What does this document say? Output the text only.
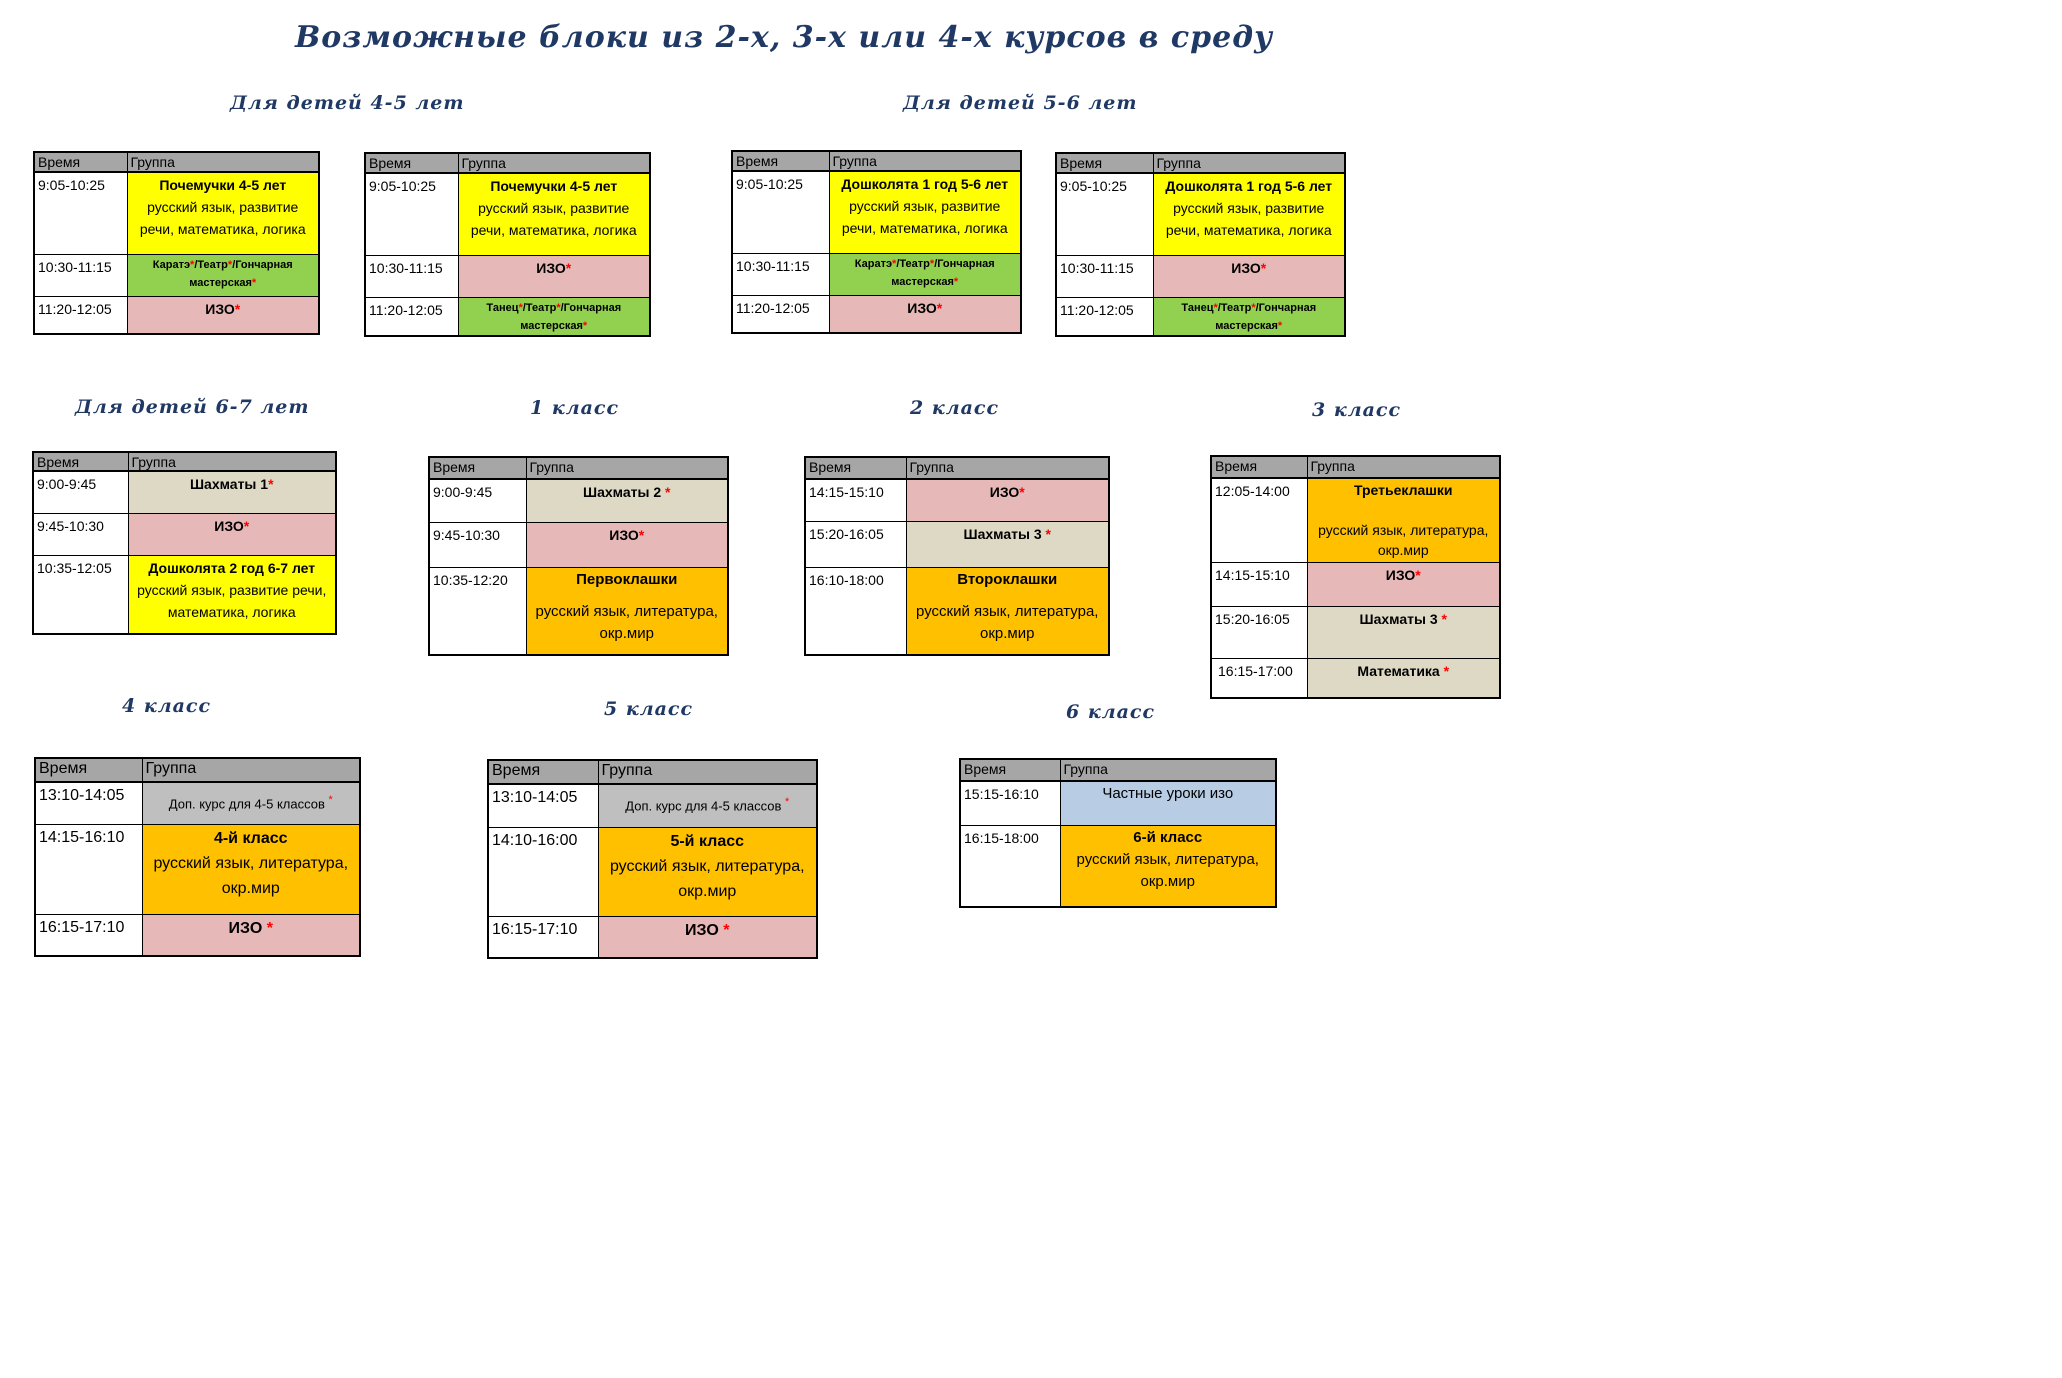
Возможные блоки из 2-х, 3-х или 4-х курсов в среду
Для детей 4-5 лет	Для детей 5-6 лет
Для детей 6-7 лет	1 класс	2 класс	3 класс
4 класс	5 класс	6 класс
Время	Группа
9:05-10:25	Почемучки 4-5 лет
русский язык, развитие речи, математика, логика

10:30-11:15	Каратэ*/Театр*/Гончарная мастерская*

11:20-12:05	ИЗО*
Время	Группа
9:05-10:25	Почемучки 4-5 лет
русский язык, развитие речи, математика, логика

10:30-11:15	ИЗО*

11:20-12:05	Танец*/Театр*/Гончарная мастерская*
Время	Группа
9:05-10:25	Дошколята 1 год 5-6 лет
русский язык, развитие речи, математика, логика

10:30-11:15	Каратэ*/Театр*/Гончарная мастерская*

11:20-12:05	ИЗО*
Время	Группа
9:05-10:25	Дошколята 1 год 5-6 лет
русский язык, развитие речи, математика, логика

10:30-11:15	ИЗО*

11:20-12:05	Танец*/Театр*/Гончарная мастерская*
Время	Группа
9:00-9:45	Шахматы 1*

9:45-10:30	ИЗО*

10:35-12:05	Дошколята 2 год 6-7 лет
русский язык, развитие речи, математика, логика
Время	Группа
9:00-9:45	Шахматы 2 *

9:45-10:30	ИЗО*

10:35-12:20	Первоклашки
русский язык, литература, окр.мир
Время	Группа
14:15-15:10	ИЗО*

15:20-16:05	Шахматы 3 *

16:10-18:00	Второклашки
русский язык, литература, окр.мир
Время	Группа
12:05-14:00	Третьеклашки
русский язык, литература, окр.мир

14:15-15:10	ИЗО*

15:20-16:05	Шахматы 3 *

16:15-17:00	Математика *
Время	Группа
13:10-14:05	Доп. курс для 4-5 классов *

14:15-16:10	4-й класс
русский язык, литература, окр.мир

16:15-17:10	ИЗО *
Время	Группа
13:10-14:05	Доп. курс для 4-5 классов *

14:10-16:00	5-й класс
русский язык, литература, окр.мир

16:15-17:10	ИЗО *
Время	Группа
15:15-16:10	Частные уроки изо

16:15-18:00	6-й класс
русский язык, литература, окр.мир
